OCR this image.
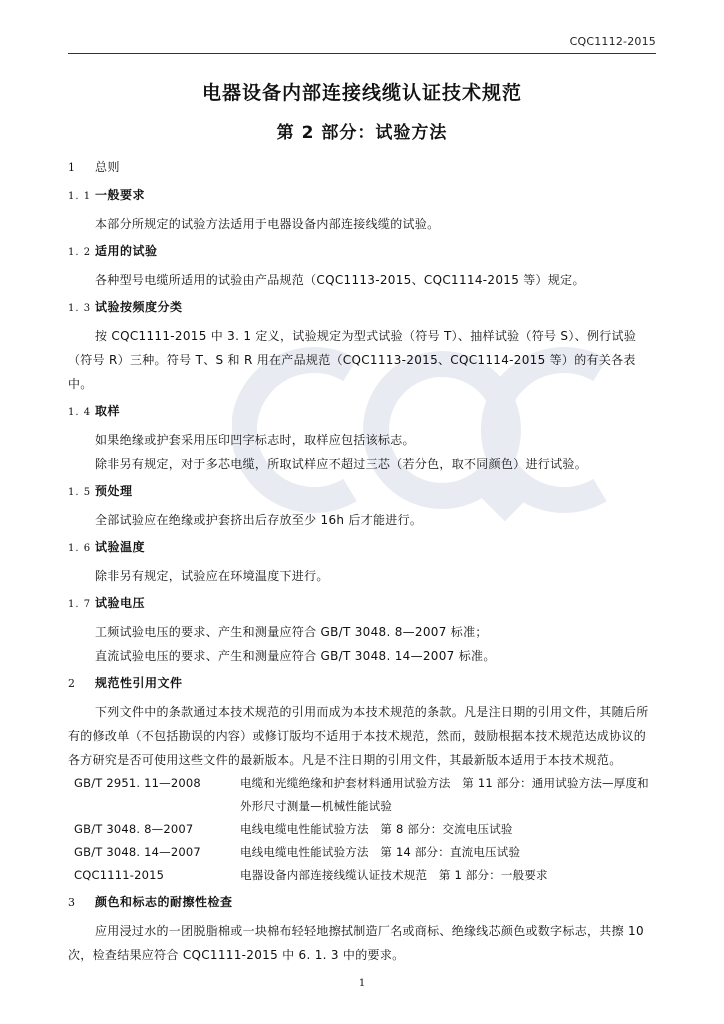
CQC1112-2015
电器设备内部连接线缆认证技术规范
第 2 部分：试验方法
1	总则
1. 1 一般要求
本部分所规定的试验方法适用于电器设备内部连接线缆的试验。
1. 2 适用的试验
各种型号电缆所适用的试验由产品规范（CQC1113-2015、CQC1114-2015 等）规定。
1. 3 试验按频度分类
按 CQC1111-2015 中 3. 1 定义，试验规定为型式试验（符号 T）、抽样试验（符号 S）、例行试验（符号 R）三种。符号 T、S 和 R 用在产品规范（CQC1113-2015、CQC1114-2015 等）的有关各表中。
1. 4 取样
如果绝缘或护套采用压印凹字标志时，取样应包括该标志。
除非另有规定，对于多芯电缆，所取试样应不超过三芯（若分色，取不同颜色）进行试验。
1. 5 预处理
全部试验应在绝缘或护套挤出后存放至少 16h 后才能进行。
1. 6 试验温度
除非另有规定，试验应在环境温度下进行。
1. 7 试验电压
工频试验电压的要求、产生和测量应符合 GB/T 3048. 8—2007 标准；
直流试验电压的要求、产生和测量应符合 GB/T 3048. 14—2007 标准。
2	规范性引用文件
下列文件中的条款通过本技术规范的引用而成为本技术规范的条款。凡是注日期的引用文件，其随后所有的修改单（不包括勘误的内容）或修订版均不适用于本技术规范，然而，鼓励根据本技术规范达成协议的各方研究是否可使用这些文件的最新版本。凡是不注日期的引用文件，其最新版本适用于本技术规范。
GB/T 2951. 11—2008	电缆和光缆绝缘和护套材料通用试验方法　第 11 部分：通用试验方法—厚度和外形尺寸测量—机械性能试验
GB/T 3048. 8—2007	电线电缆电性能试验方法　第 8 部分：交流电压试验
GB/T 3048. 14—2007	电线电缆电性能试验方法　第 14 部分：直流电压试验
CQC1111-2015	电器设备内部连接线缆认证技术规范　第 1 部分：一般要求
3	颜色和标志的耐擦性检查
应用浸过水的一团脱脂棉或一块棉布轻轻地擦拭制造厂名或商标、绝缘线芯颜色或数字标志，共擦 10 次，检查结果应符合 CQC1111-2015 中 6. 1. 3 中的要求。
1
